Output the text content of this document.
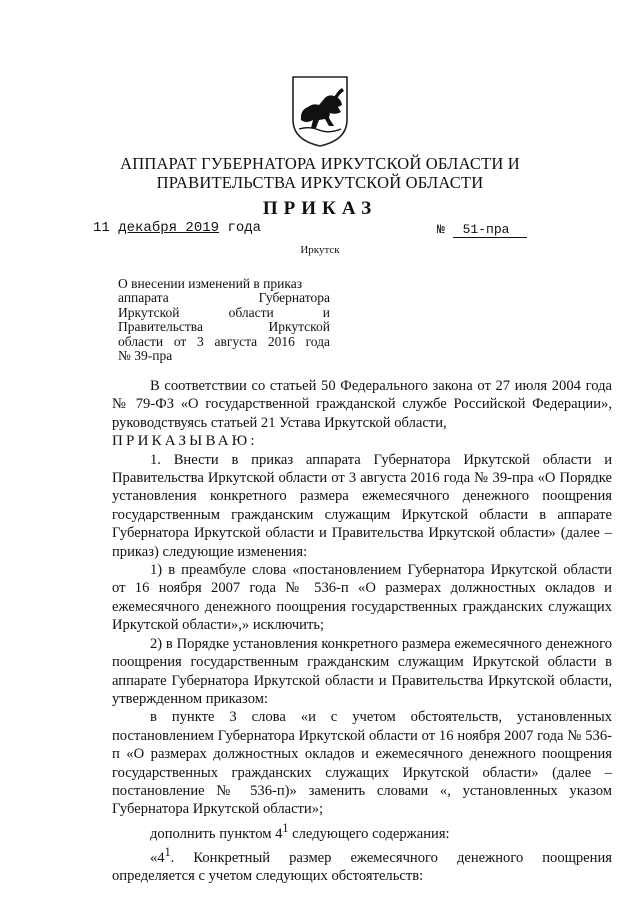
АППАРАТ ГУБЕРНАТОРА ИРКУТСКОЙ ОБЛАСТИ И
ПРАВИТЕЛЬСТВА ИРКУТСКОЙ ОБЛАСТИ
ПРИКАЗ
11 декабря 2019 года	№ 51-пра
Иркутск
О внесении изменений в приказ
аппарата Губернатора
Иркутской области и
Правительства Иркутской
области от 3 августа 2016 года
№ 39-пра

В соответствии со статьей 50 Федерального закона от 27 июля 2004 года № 79-ФЗ «О государственной гражданской службе Российской Федерации», руководствуясь статьей 21 Устава Иркутской области,

ПРИКАЗЫВАЮ:

1. Внести в приказ аппарата Губернатора Иркутской области и Правительства Иркутской области от 3 августа 2016 года № 39-пра «О Порядке установления конкретного размера ежемесячного денежного поощрения государственным гражданским служащим Иркутской области в аппарате Губернатора Иркутской области и Правительства Иркутской области» (далее – приказ) следующие изменения:

1) в преамбуле слова «постановлением Губернатора Иркутской области от 16 ноября 2007 года № 536-п «О размерах должностных окладов и ежемесячного денежного поощрения государственных гражданских служащих Иркутской области»,» исключить;

2) в Порядке установления конкретного размера ежемесячного денежного поощрения государственным гражданским служащим Иркутской области в аппарате Губернатора Иркутской области и Правительства Иркутской области, утвержденном приказом:

в пункте 3 слова «и с учетом обстоятельств, установленных постановлением Губернатора Иркутской области от 16 ноября 2007 года № 536-п «О размерах должностных окладов и ежемесячного денежного поощрения государственных гражданских служащих Иркутской области» (далее – постановление № 536-п)» заменить словами «, установленных указом Губернатора Иркутской области»;

дополнить пунктом $4^1$ следующего содержания:

«$4^1$. Конкретный размер ежемесячного денежного поощрения определяется с учетом следующих обстоятельств:
